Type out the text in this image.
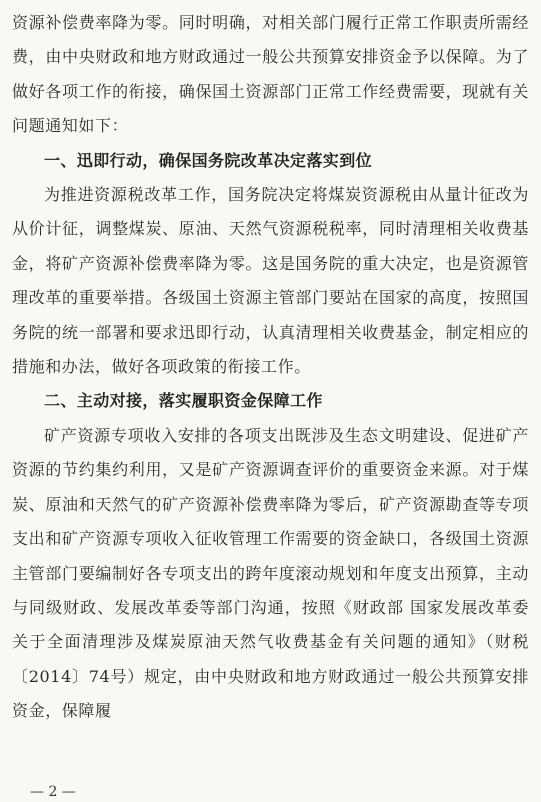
资源补偿费率降为零。同时明确，对相关部门履行正常工作职责所需经费，由中央财政和地方财政通过一般公共预算安排资金予以保障。为了做好各项工作的衔接，确保国土资源部门正常工作经费需要，现就有关问题通知如下：

一、迅即行动，确保国务院改革决定落实到位

为推进资源税改革工作，国务院决定将煤炭资源税由从量计征改为从价计征，调整煤炭、原油、天然气资源税税率，同时清理相关收费基金，将矿产资源补偿费率降为零。这是国务院的重大决定，也是资源管理改革的重要举措。各级国土资源主管部门要站在国家的高度，按照国务院的统一部署和要求迅即行动，认真清理相关收费基金，制定相应的措施和办法，做好各项政策的衔接工作。

二、主动对接，落实履职资金保障工作

矿产资源专项收入安排的各项支出既涉及生态文明建设、促进矿产资源的节约集约利用，又是矿产资源调查评价的重要资金来源。对于煤炭、原油和天然气的矿产资源补偿费率降为零后，矿产资源勘查等专项支出和矿产资源专项收入征收管理工作需要的资金缺口，各级国土资源主管部门要编制好各专项支出的跨年度滚动规划和年度支出预算，主动与同级财政、发展改革委等部门沟通，按照《财政部 国家发展改革委关于全面清理涉及煤炭原油天然气收费基金有关问题的通知》（财税〔2014〕74号）规定，由中央财政和地方财政通过一般公共预算安排资金，保障履

— 2 —
